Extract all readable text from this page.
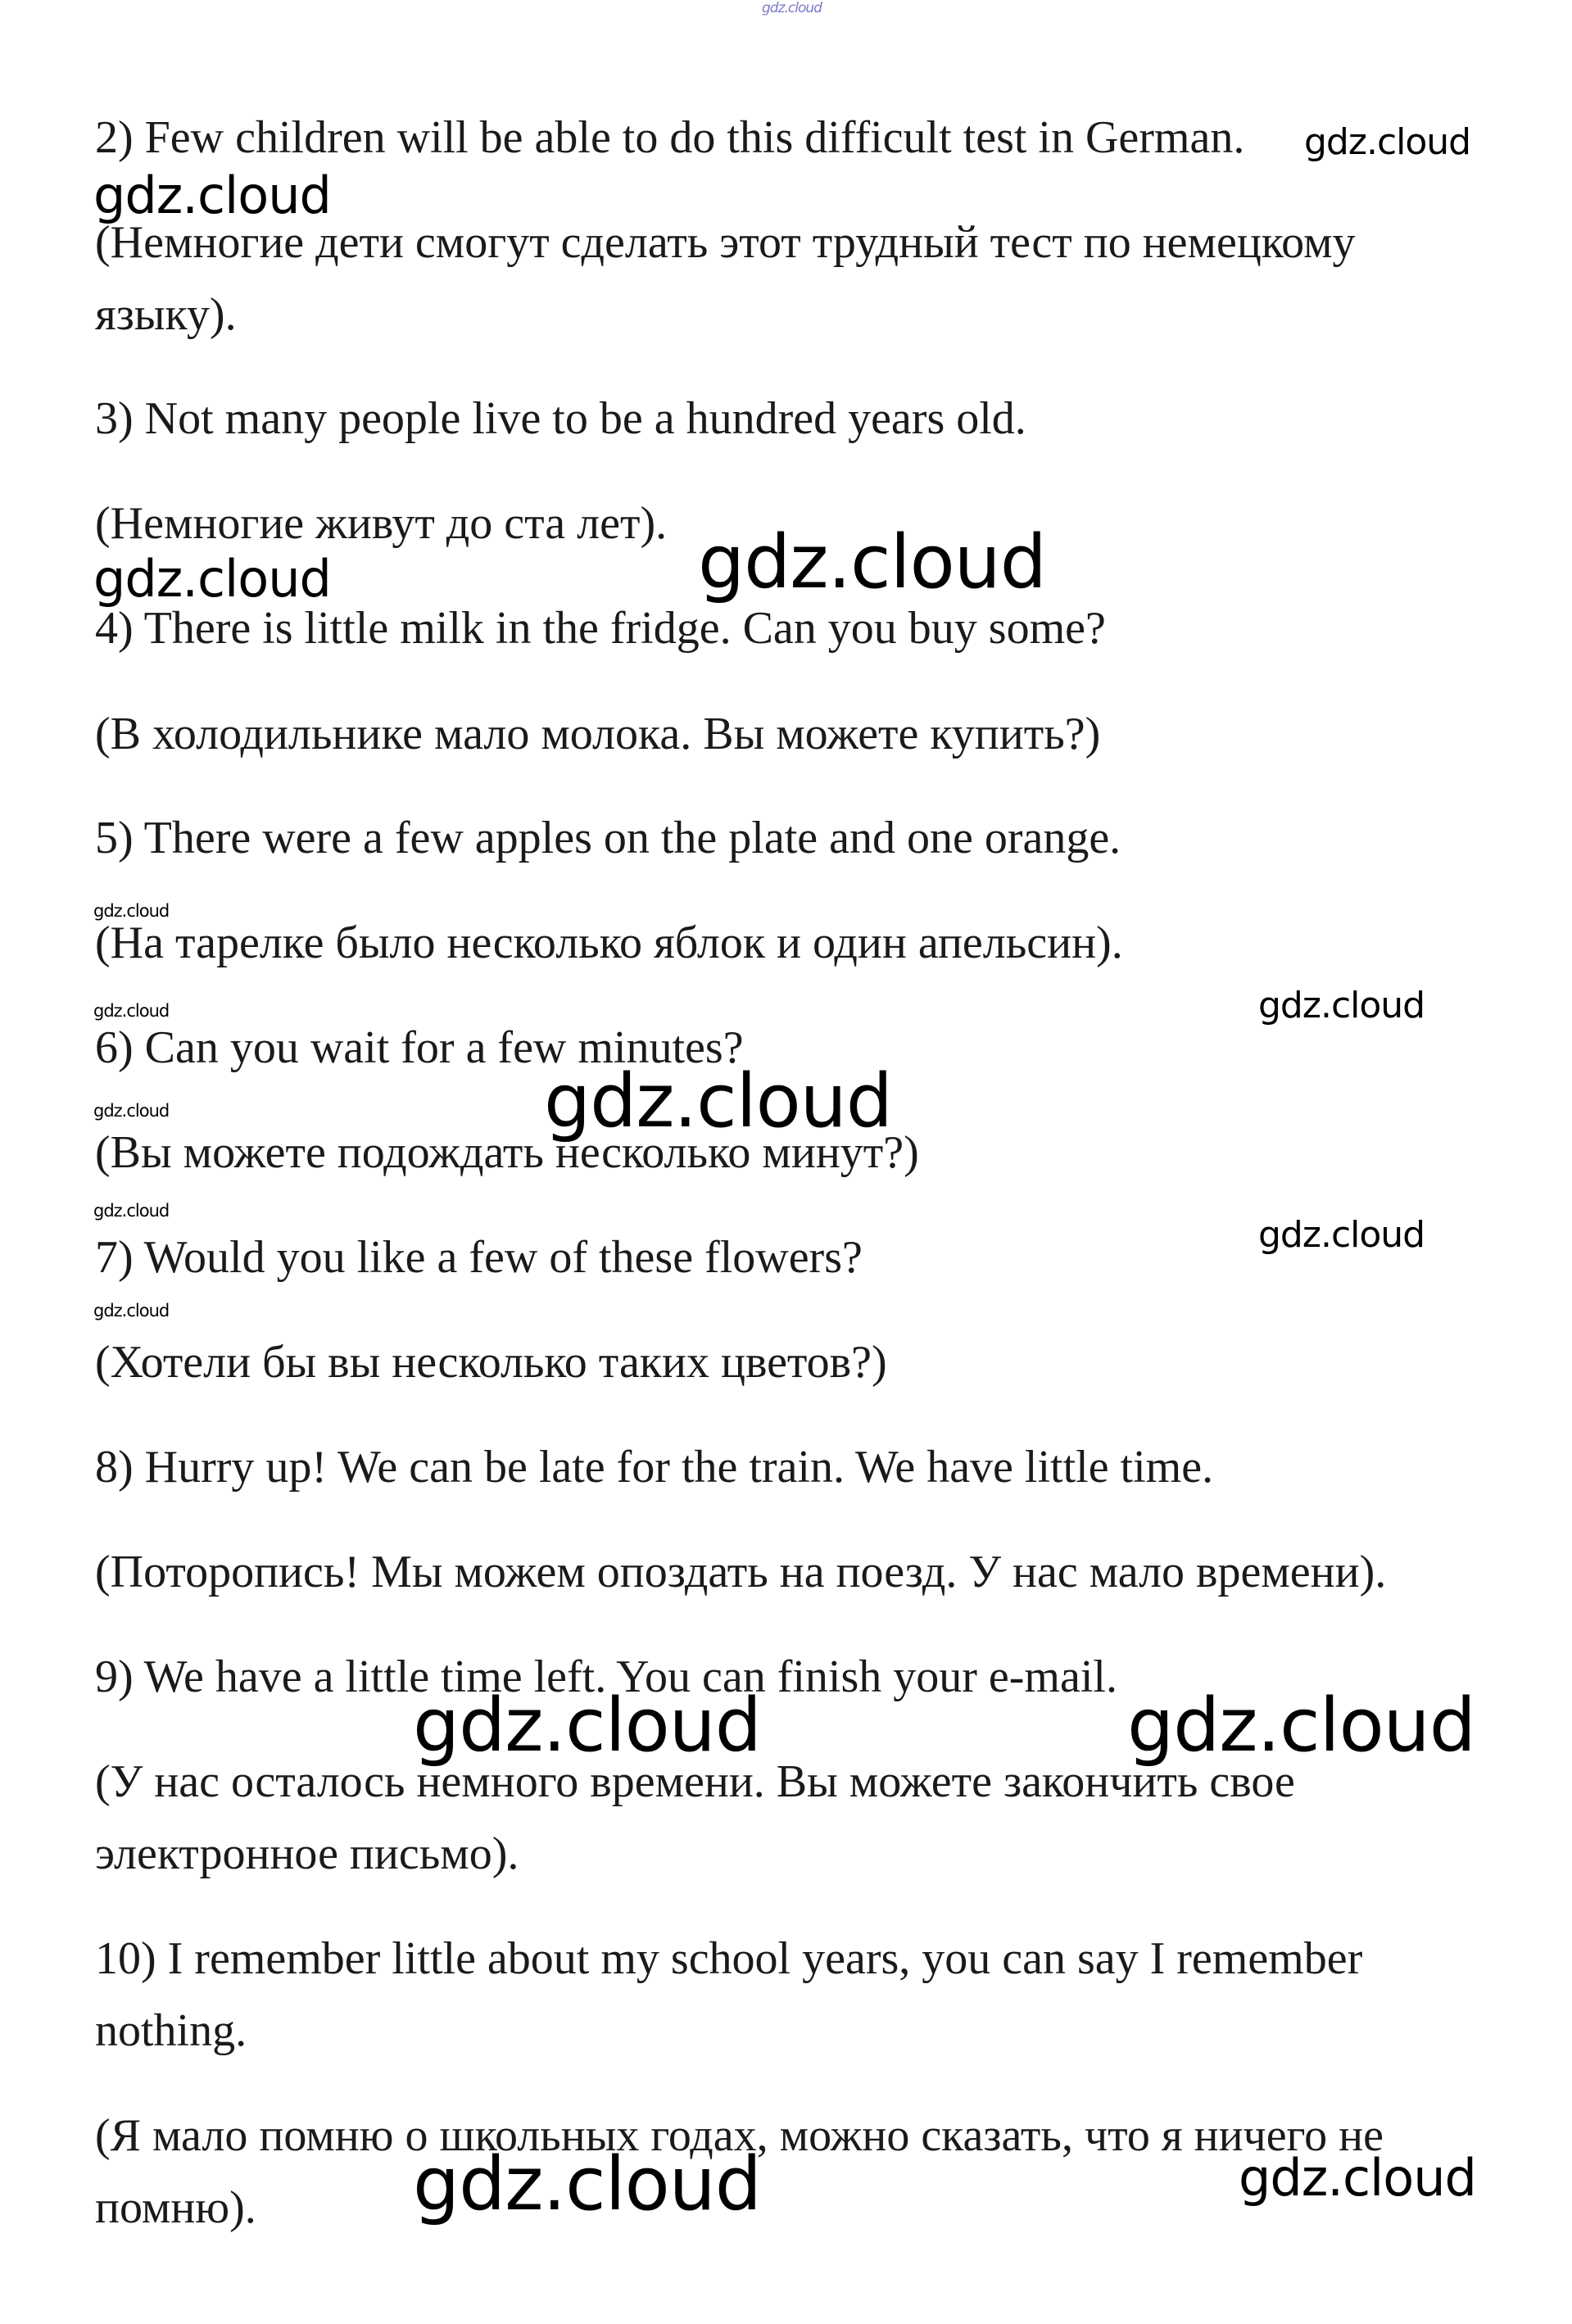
2) Few children will be able to do this difficult test in German.
(Немногие дети смогут сделать этот трудный тест по немецкому
языку).
3) Not many people live to be a hundred years old.
(Немногие живут до ста лет).
4) There is little milk in the fridge. Can you buy some?
(В холодильнике мало молока. Вы можете купить?)
5) There were a few apples on the plate and one orange.
(На тарелке было несколько яблок и один апельсин).
6) Can you wait for a few minutes?
(Вы можете подождать несколько минут?)
7) Would you like a few of these flowers?
(Хотели бы вы несколько таких цветов?)
8) Hurry up! We can be late for the train. We have little time.
(Поторопись! Мы можем опоздать на поезд. У нас мало времени).
9) We have a little time left. You can finish your e-mail.
(У нас осталось немного времени. Вы можете закончить свое
электронное письмо).
10) I remember little about my school years, you can say I remember
nothing.
(Я мало помню о школьных годах, можно сказать, что я ничего не
помню).
gdz.cloud
gdz.cloud
gdz.cloud
gdz.cloud	gdz.cloud
gdz.cloud
gdz.cloud	gdz.cloud
gdz.cloud
gdz.cloud
gdz.cloud
gdz.cloud
gdz.cloud
gdz.cloud	gdz.cloud
gdz.cloud	gdz.cloud
